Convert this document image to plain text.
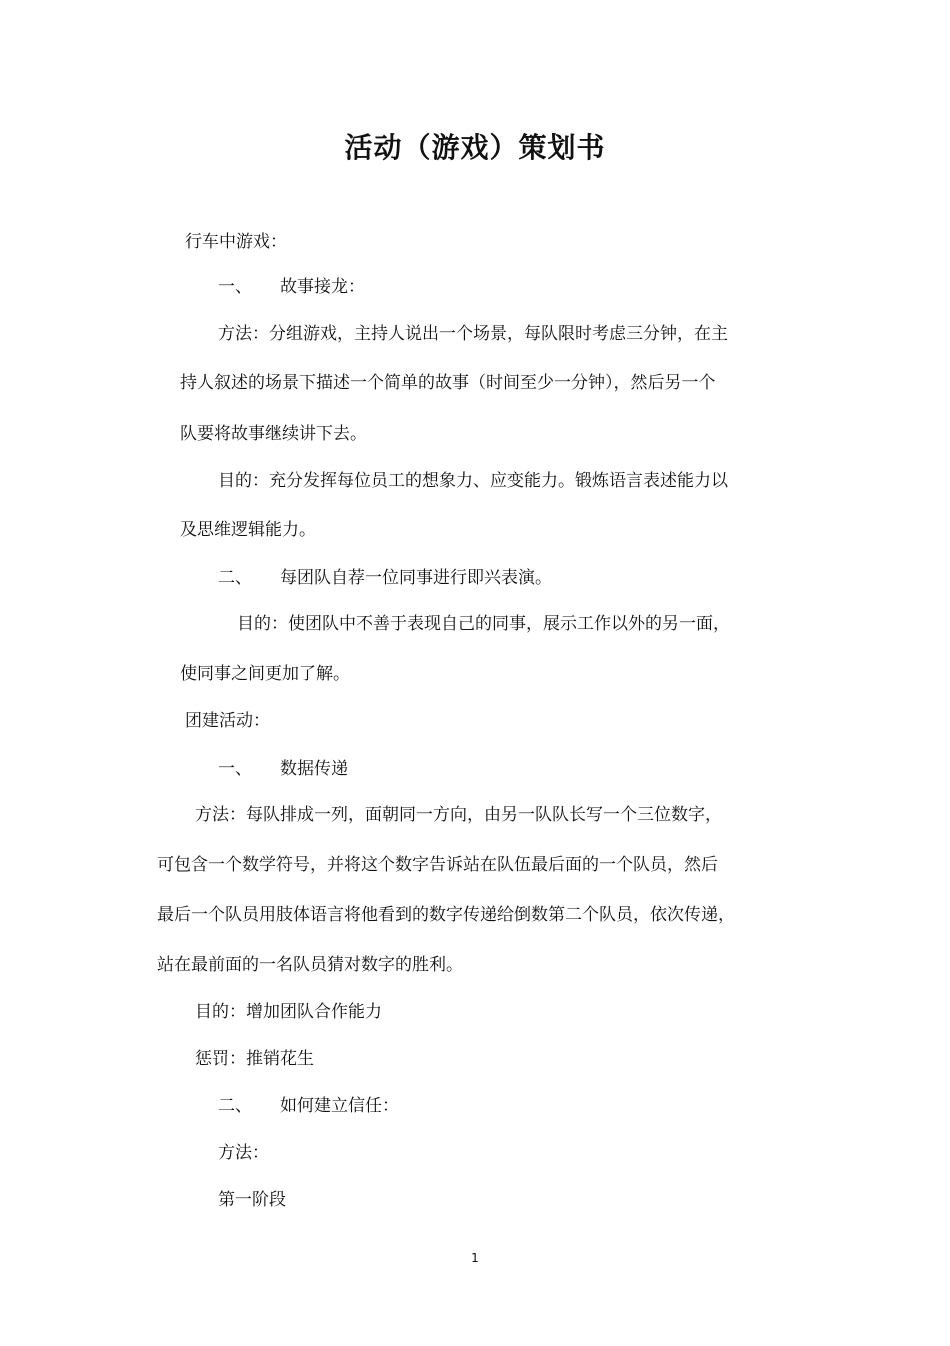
活动（游戏）策划书
行车中游戏：
一、 故事接龙：
方法：分组游戏，主持人说出一个场景，每队限时考虑三分钟，在主
持人叙述的场景下描述一个简单的故事（时间至少一分钟），然后另一个
队要将故事继续讲下去。
目的：充分发挥每位员工的想象力、应变能力。锻炼语言表述能力以
及思维逻辑能力。
二、 每团队自荐一位同事进行即兴表演。
目的：使团队中不善于表现自己的同事，展示工作以外的另一面，
使同事之间更加了解。
团建活动：
一、 数据传递
方法：每队排成一列，面朝同一方向，由另一队队长写一个三位数字，
可包含一个数学符号，并将这个数字告诉站在队伍最后面的一个队员，然后
最后一个队员用肢体语言将他看到的数字传递给倒数第二个队员，依次传递，
站在最前面的一名队员猜对数字的胜利。
目的：增加团队合作能力
惩罚：推销花生
二、 如何建立信任：
方法：
第一阶段
1
